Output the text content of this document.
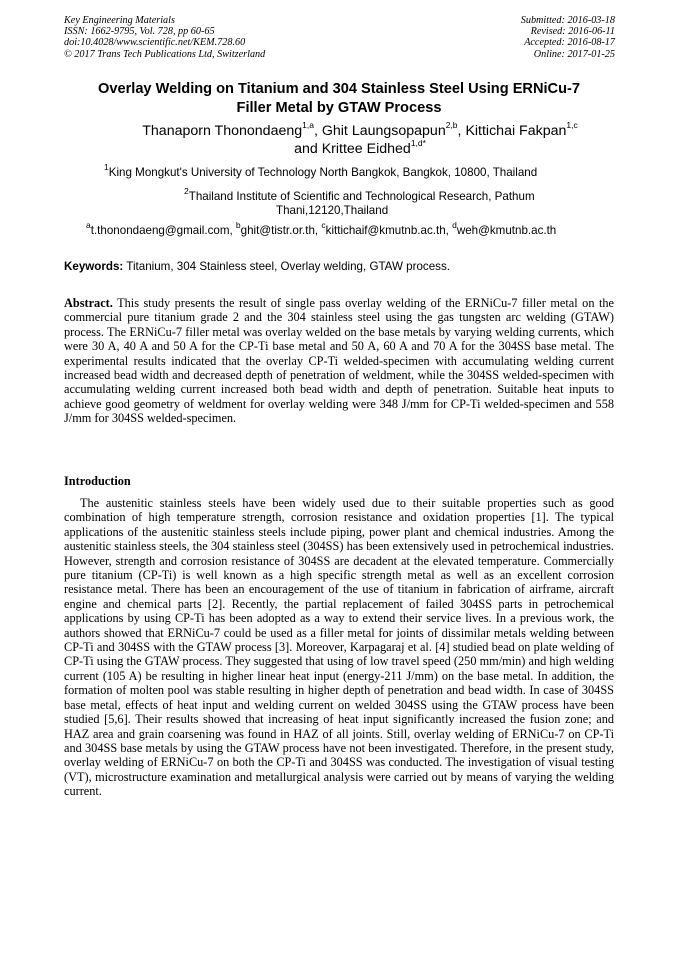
Key Engineering Materials
ISSN: 1662-9795, Vol. 728, pp 60-65
doi:10.4028/www.scientific.net/KEM.728.60
© 2017 Trans Tech Publications Ltd, Switzerland
Submitted: 2016-03-18
Revised: 2016-06-11
Accepted: 2016-08-17
Online: 2017-01-25
Overlay Welding on Titanium and 304 Stainless Steel Using ERNiCu-7
Filler Metal by GTAW Process
Thanaporn Thonondaeng$^{1,a}$, Ghit Laungsopapun$^{2,b}$, Kittichai Fakpan$^{1,c}$
and Krittee Eidhed$^{1,d*}$
$^1$King Mongkut's University of Technology North Bangkok, Bangkok, 10800, Thailand
$^2$Thailand Institute of Scientific and Technological Research, Pathum
Thani,12120,Thailand
$^a$t.thonondaeng@gmail.com, $^b$ghit@tistr.or.th, $^c$kittichaif@kmutnb.ac.th, $^d$weh@kmutnb.ac.th
Keywords: Titanium, 304 Stainless steel, Overlay welding, GTAW process.
Abstract. This study presents the result of single pass overlay welding of the ERNiCu-7 filler metal on the commercial pure titanium grade 2 and the 304 stainless steel using the gas tungsten arc welding (GTAW) process. The ERNiCu-7 filler metal was overlay welded on the base metals by varying welding currents, which were 30 A, 40 A and 50 A for the CP-Ti base metal and 50 A, 60 A and 70 A for the 304SS base metal. The experimental results indicated that the overlay CP-Ti welded-specimen with accumulating welding current increased bead width and decreased depth of penetration of weldment, while the 304SS welded-specimen with accumulating welding current increased both bead width and depth of penetration. Suitable heat inputs to achieve good geometry of weldment for overlay welding were 348 J/mm for CP-Ti welded-specimen and 558 J/mm for 304SS welded-specimen.
Introduction
The austenitic stainless steels have been widely used due to their suitable properties such as good combination of high temperature strength, corrosion resistance and oxidation properties [1]. The typical applications of the austenitic stainless steels include piping, power plant and chemical industries. Among the austenitic stainless steels, the 304 stainless steel (304SS) has been extensively used in petrochemical industries. However, strength and corrosion resistance of 304SS are decadent at the elevated temperature. Commercially pure titanium (CP-Ti) is well known as a high specific strength metal as well as an excellent corrosion resistance metal. There has been an encouragement of the use of titanium in fabrication of airframe, aircraft engine and chemical parts [2]. Recently, the partial replacement of failed 304SS parts in petrochemical applications by using CP-Ti has been adopted as a way to extend their service lives. In a previous work, the authors showed that ERNiCu-7 could be used as a filler metal for joints of dissimilar metals welding between CP-Ti and 304SS with the GTAW process [3]. Moreover, Karpagaraj et al. [4] studied bead on plate welding of CP-Ti using the GTAW process. They suggested that using of low travel speed (250 mm/min) and high welding current (105 A) be resulting in higher linear heat input (energy-211 J/mm) on the base metal. In addition, the formation of molten pool was stable resulting in higher depth of penetration and bead width. In case of 304SS base metal, effects of heat input and welding current on welded 304SS using the GTAW process have been studied [5,6]. Their results showed that increasing of heat input significantly increased the fusion zone; and HAZ area and grain coarsening was found in HAZ of all joints. Still, overlay welding of ERNiCu-7 on CP-Ti and 304SS base metals by using the GTAW process have not been investigated. Therefore, in the present study, overlay welding of ERNiCu-7 on both the CP-Ti and 304SS was conducted. The investigation of visual testing (VT), microstructure examination and metallurgical analysis were carried out by means of varying the welding current.
